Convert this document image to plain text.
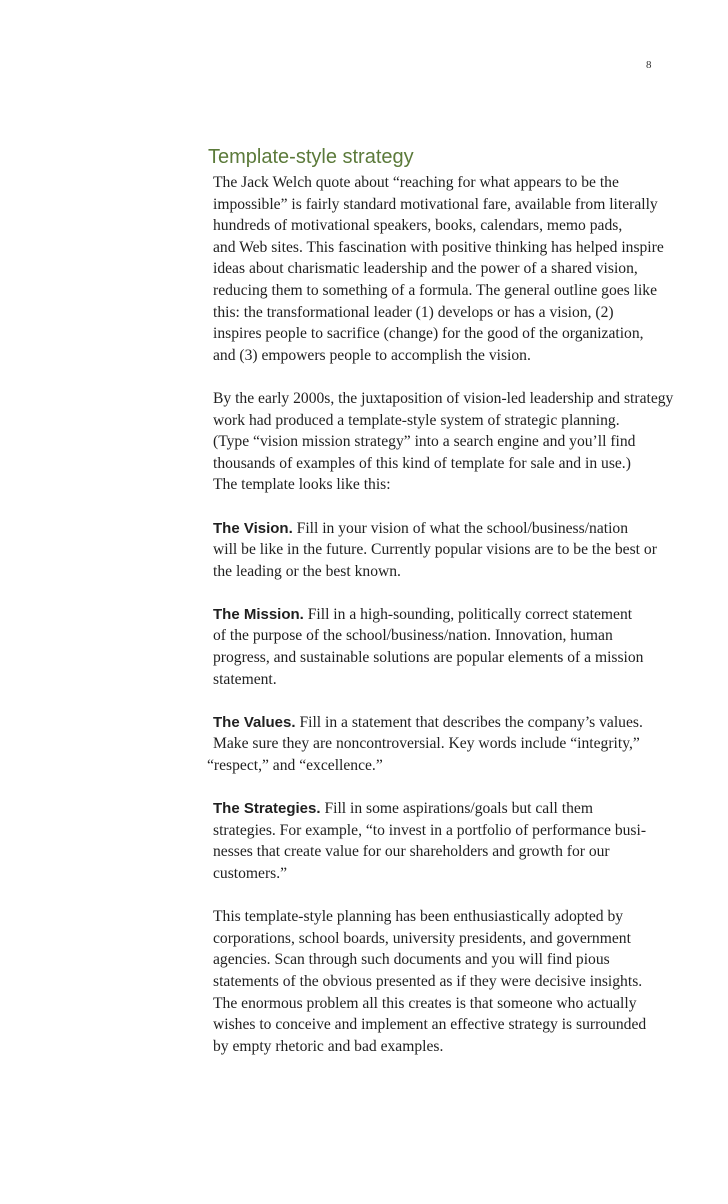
8
Template-style strategy

The Jack Welch quote about “reaching for what appears to be the
impossible” is fairly standard motivational fare, available from literally
hundreds of motivational speakers, books, calendars, memo pads,
and Web sites. This fascination with positive thinking has helped inspire
ideas about charismatic leadership and the power of a shared vision,
reducing them to something of a formula. The general outline goes like
this: the transformational leader (1) develops or has a vision, (2)
inspires people to sacrifice (change) for the good of the organization,
and (3) empowers people to accomplish the vision.

By the early 2000s, the juxtaposition of vision-led leadership and strategy
work had produced a template-style system of strategic planning.
(Type “vision mission strategy” into a search engine and you’ll find
thousands of examples of this kind of template for sale and in use.)
The template looks like this:

The Vision. Fill in your vision of what the school/business/nation
will be like in the future. Currently popular visions are to be the best or
the leading or the best known.

The Mission. Fill in a high-sounding, politically correct statement
of the purpose of the school/business/nation. Innovation, human
progress, and sustainable solutions are popular elements of a mission
statement.

The Values. Fill in a statement that describes the company’s values.
Make sure they are noncontroversial. Key words include “integrity,”
“respect,” and “excellence.”

The Strategies. Fill in some aspirations/goals but call them
strategies. For example, “to invest in a portfolio of performance busi-
nesses that create value for our shareholders and growth for our
customers.”

This template-style planning has been enthusiastically adopted by
corporations, school boards, university presidents, and government
agencies. Scan through such documents and you will find pious
statements of the obvious presented as if they were decisive insights.
The enormous problem all this creates is that someone who actually
wishes to conceive and implement an effective strategy is surrounded
by empty rhetoric and bad examples.
